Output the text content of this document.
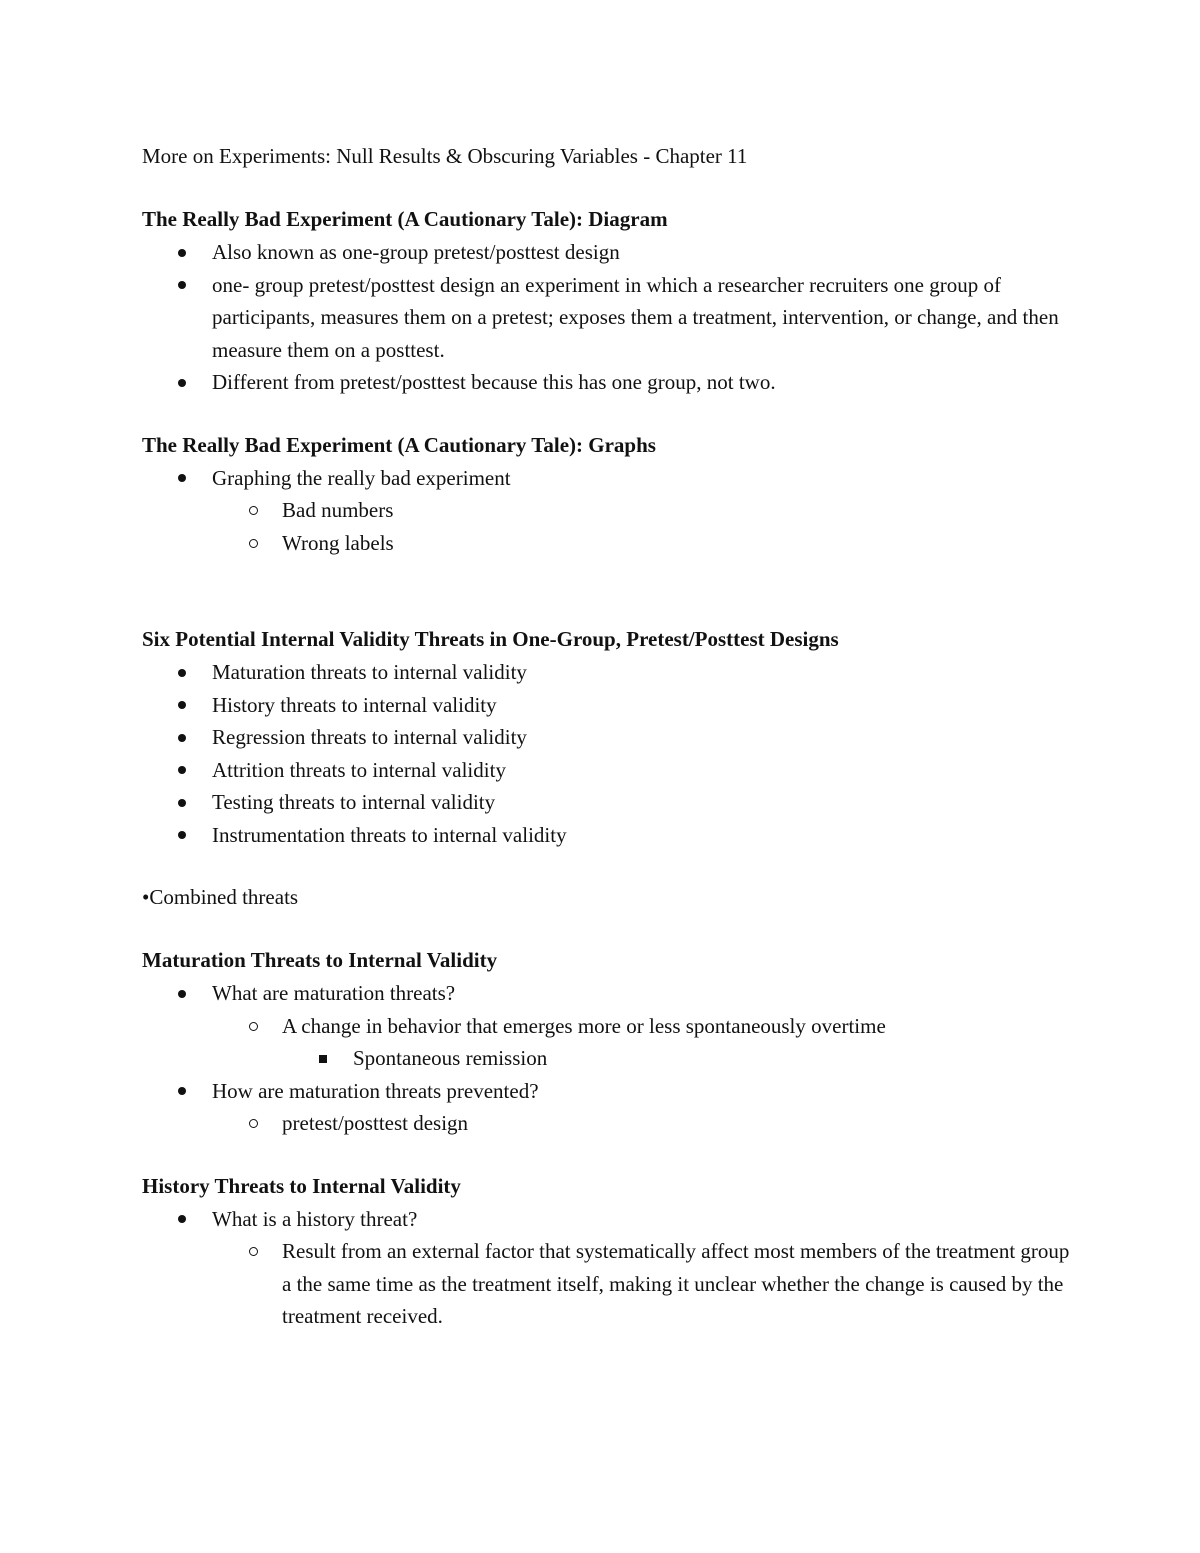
More on Experiments: Null Results & Obscuring Variables - Chapter 11
The Really Bad Experiment (A Cautionary Tale): Diagram
Also known as one-group pretest/posttest design
one- group pretest/posttest design an experiment in which a researcher recruiters one group of participants, measures them on a pretest; exposes them a treatment, intervention, or change, and then measure them on a posttest.
Different from pretest/posttest because this has one group, not two.
The Really Bad Experiment (A Cautionary Tale): Graphs
Graphing the really bad experiment
Bad numbers
Wrong labels
Six Potential Internal Validity Threats in One-Group, Pretest/Posttest Designs
Maturation threats to internal validity
History threats to internal validity
Regression threats to internal validity
Attrition threats to internal validity
Testing threats to internal validity
Instrumentation threats to internal validity
•Combined threats
Maturation Threats to Internal Validity
What are maturation threats?
A change in behavior that emerges more or less spontaneously overtime
Spontaneous remission
How are maturation threats prevented?
pretest/posttest design
History Threats to Internal Validity
What is a history threat?
Result from an external factor that systematically affect most members of the treatment group a the same time as the treatment itself, making it unclear whether the change is caused by the treatment received.
